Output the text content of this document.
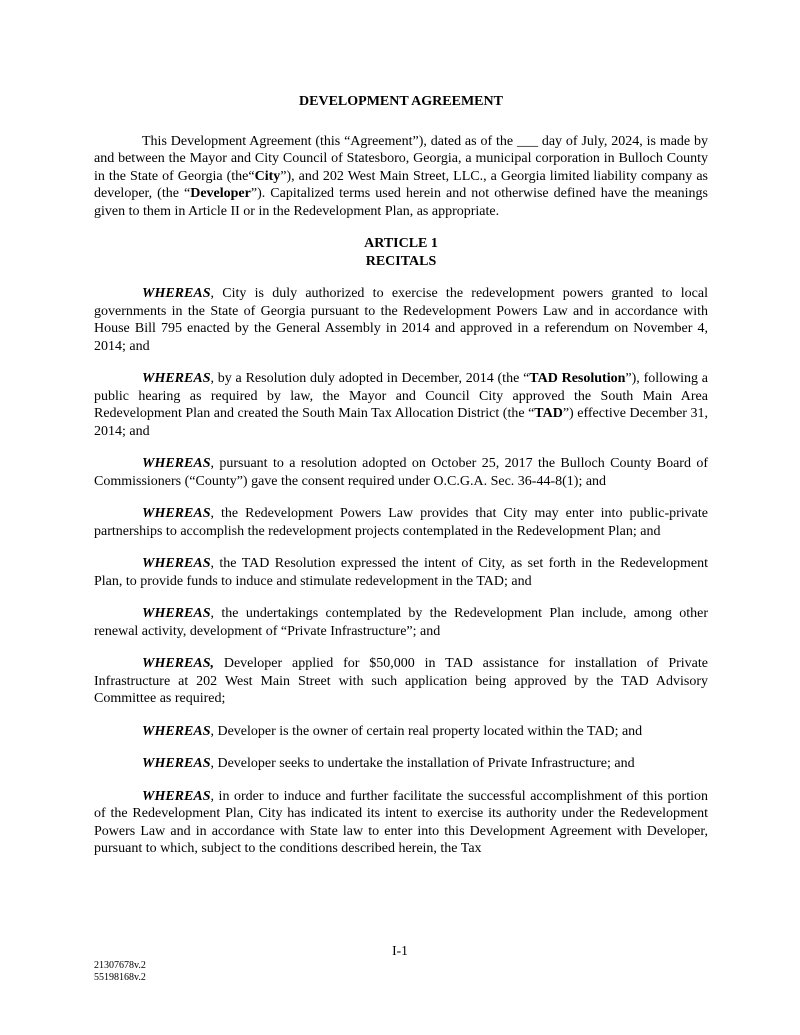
DEVELOPMENT AGREEMENT
This Development Agreement (this “Agreement”), dated as of the ___ day of July, 2024, is made by and between the Mayor and City Council of Statesboro, Georgia, a municipal corporation in Bulloch County in the State of Georgia (the“City”), and 202 West Main Street, LLC., a Georgia limited liability company as developer, (the “Developer”). Capitalized terms used herein and not otherwise defined have the meanings given to them in Article II or in the Redevelopment Plan, as appropriate.
ARTICLE 1
RECITALS
WHEREAS, City is duly authorized to exercise the redevelopment powers granted to local governments in the State of Georgia pursuant to the Redevelopment Powers Law and in accordance with House Bill 795 enacted by the General Assembly in 2014 and approved in a referendum on November 4, 2014; and
WHEREAS, by a Resolution duly adopted in December, 2014 (the “TAD Resolution”), following a public hearing as required by law, the Mayor and Council City approved the South Main Area Redevelopment Plan and created the South Main Tax Allocation District (the “TAD”) effective December 31, 2014; and
WHEREAS, pursuant to a resolution adopted on October 25, 2017 the Bulloch County Board of Commissioners (“County”) gave the consent required under O.C.G.A. Sec. 36-44-8(1); and
WHEREAS, the Redevelopment Powers Law provides that City may enter into public-private partnerships to accomplish the redevelopment projects contemplated in the Redevelopment Plan; and
WHEREAS, the TAD Resolution expressed the intent of City, as set forth in the Redevelopment Plan, to provide funds to induce and stimulate redevelopment in the TAD; and
WHEREAS, the undertakings contemplated by the Redevelopment Plan include, among other renewal activity, development of “Private Infrastructure”; and
WHEREAS, Developer applied for $50,000 in TAD assistance for installation of Private Infrastructure at 202 West Main Street with such application being approved by the TAD Advisory Committee as required;
WHEREAS, Developer is the owner of certain real property located within the TAD; and
WHEREAS, Developer seeks to undertake the installation of Private Infrastructure; and
WHEREAS, in order to induce and further facilitate the successful accomplishment of this portion of the Redevelopment Plan, City has indicated its intent to exercise its authority under the Redevelopment Powers Law and in accordance with State law to enter into this Development Agreement with Developer, pursuant to which, subject to the conditions described herein, the Tax
I-1
21307678v.2
55198168v.2
